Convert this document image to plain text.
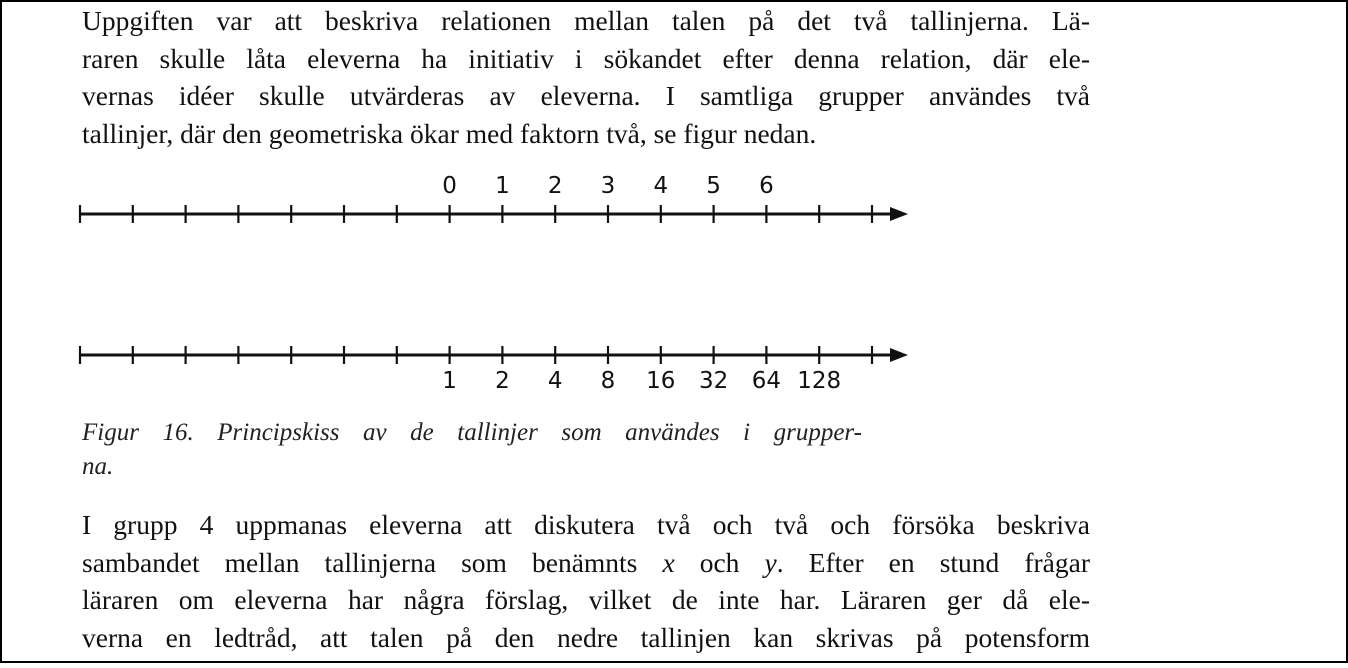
Uppgiften var att beskriva relationen mellan talen på det två tallinjerna. Lä-
raren skulle låta eleverna ha initiativ i sökandet efter denna relation, där ele-
vernas idéer skulle utvärderas av eleverna. I samtliga grupper användes två
tallinjer, där den geometriska ökar med faktorn två, se figur nedan.

0 1 2 3 4 5 6
1 2 4 8 16 32 64 128

Figur 16. Principskiss av de tallinjer som användes i grupper-
na.

I grupp 4 uppmanas eleverna att diskutera två och två och försöka beskriva
sambandet mellan tallinjerna som benämnts x och y. Efter en stund frågar
läraren om eleverna har några förslag, vilket de inte har. Läraren ger då ele-
verna en ledtråd, att talen på den nedre tallinjen kan skrivas på potensform
